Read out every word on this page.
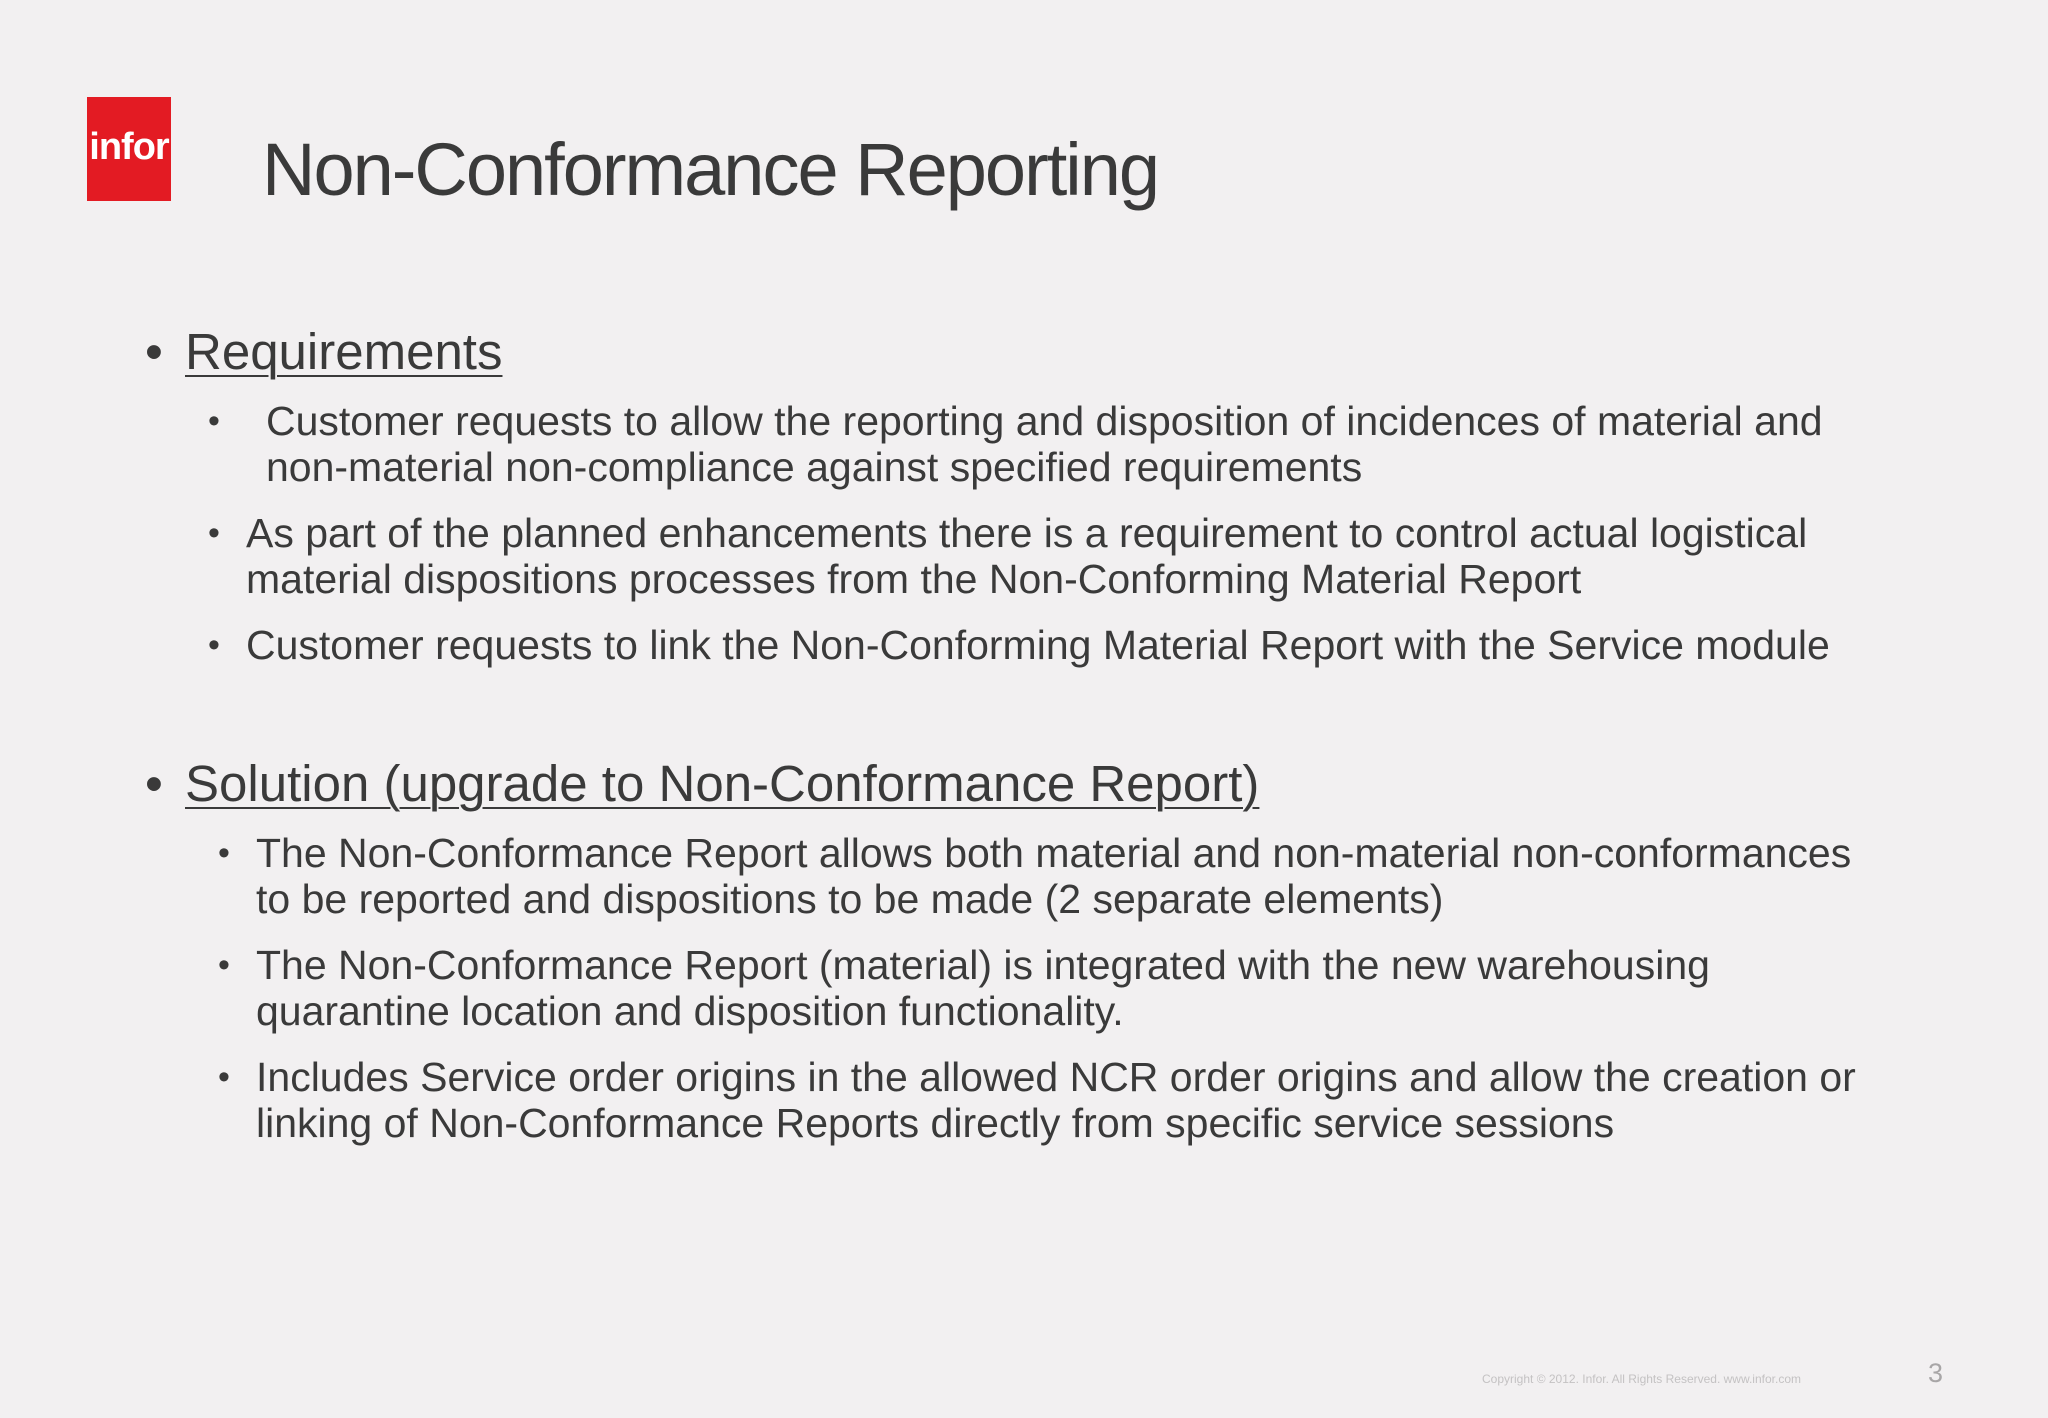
infor Non-Conformance Reporting
• Requirements
• Customer requests to allow the reporting and disposition of incidences of material and
non-material non-compliance against specified requirements
• As part of the planned enhancements there is a requirement to control actual logistical
material dispositions processes from the Non-Conforming Material Report
• Customer requests to link the Non-Conforming Material Report with the Service module
• Solution (upgrade to Non-Conformance Report)
• The Non-Conformance Report allows both material and non-material non-conformances
to be reported and dispositions to be made (2 separate elements)
• The Non-Conformance Report (material) is integrated with the new warehousing
quarantine location and disposition functionality.
• Includes Service order origins in the allowed NCR order origins and allow the creation or
linking of Non-Conformance Reports directly from specific service sessions
Copyright © 2012. Infor. All Rights Reserved. www.infor.com	3
